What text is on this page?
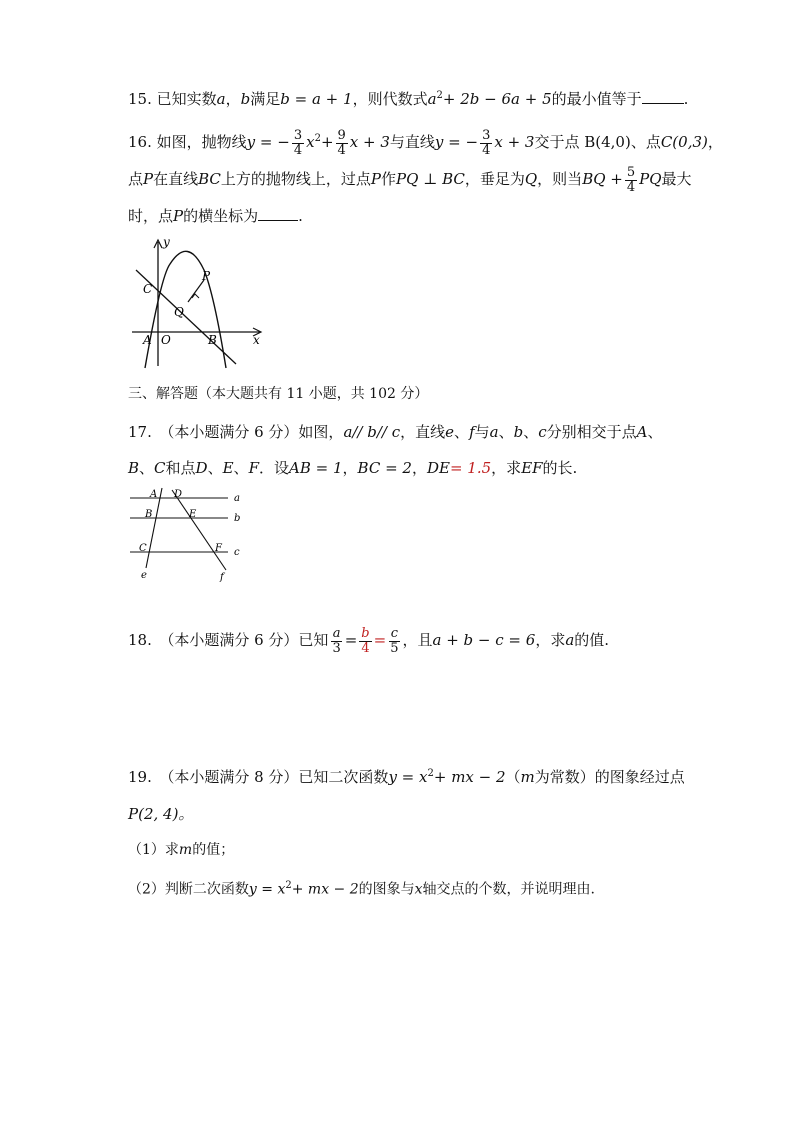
15. 已知实数a，b满足b = a + 1，则代数式$a^2+ 2b - 6a + 5$的最小值等于	.
16. 如图，抛物线y = − $\frac{3}{4} x^2+ \frac{9}{4}$ x + 3与直线y = − $\frac{3}{4}$ x + 3交于点 B(4,0)、点C(0,3)，
点P在直线BC上方的抛物线上，过点P作PQ ⊥ BC，垂足为Q，则当BQ + $\frac{5}{4}$ PQ最大
时，点P的横坐标为	.
y
x
C
P
Q
A O	B
三、解答题（本大题共有 11 小题，共 102 分）
17.　（本小题满分 6 分）如图，a// b// c，直线e、f与a、b、c分别相交于点A、
B、C和点D、E、F．设AB = 1，BC = 2，DE= 1.5，求EF的长.
A D	a
B	E	b
C	F c
e	f
18.　（本小题满分 6 分）已知 $\frac{a}{3} = \frac{b}{4} = \frac{c}{5}$ ，且a + b − c = 6，求a的值.
19.　（本小题满分 8 分）已知二次函数$y = x^2+$ mx − 2（m为常数）的图象经过点
P(2, 4)。
（1）求m的值；
（2）判断二次函数$y = x^2+$ mx − 2的图象与x轴交点的个数，并说明理由.
